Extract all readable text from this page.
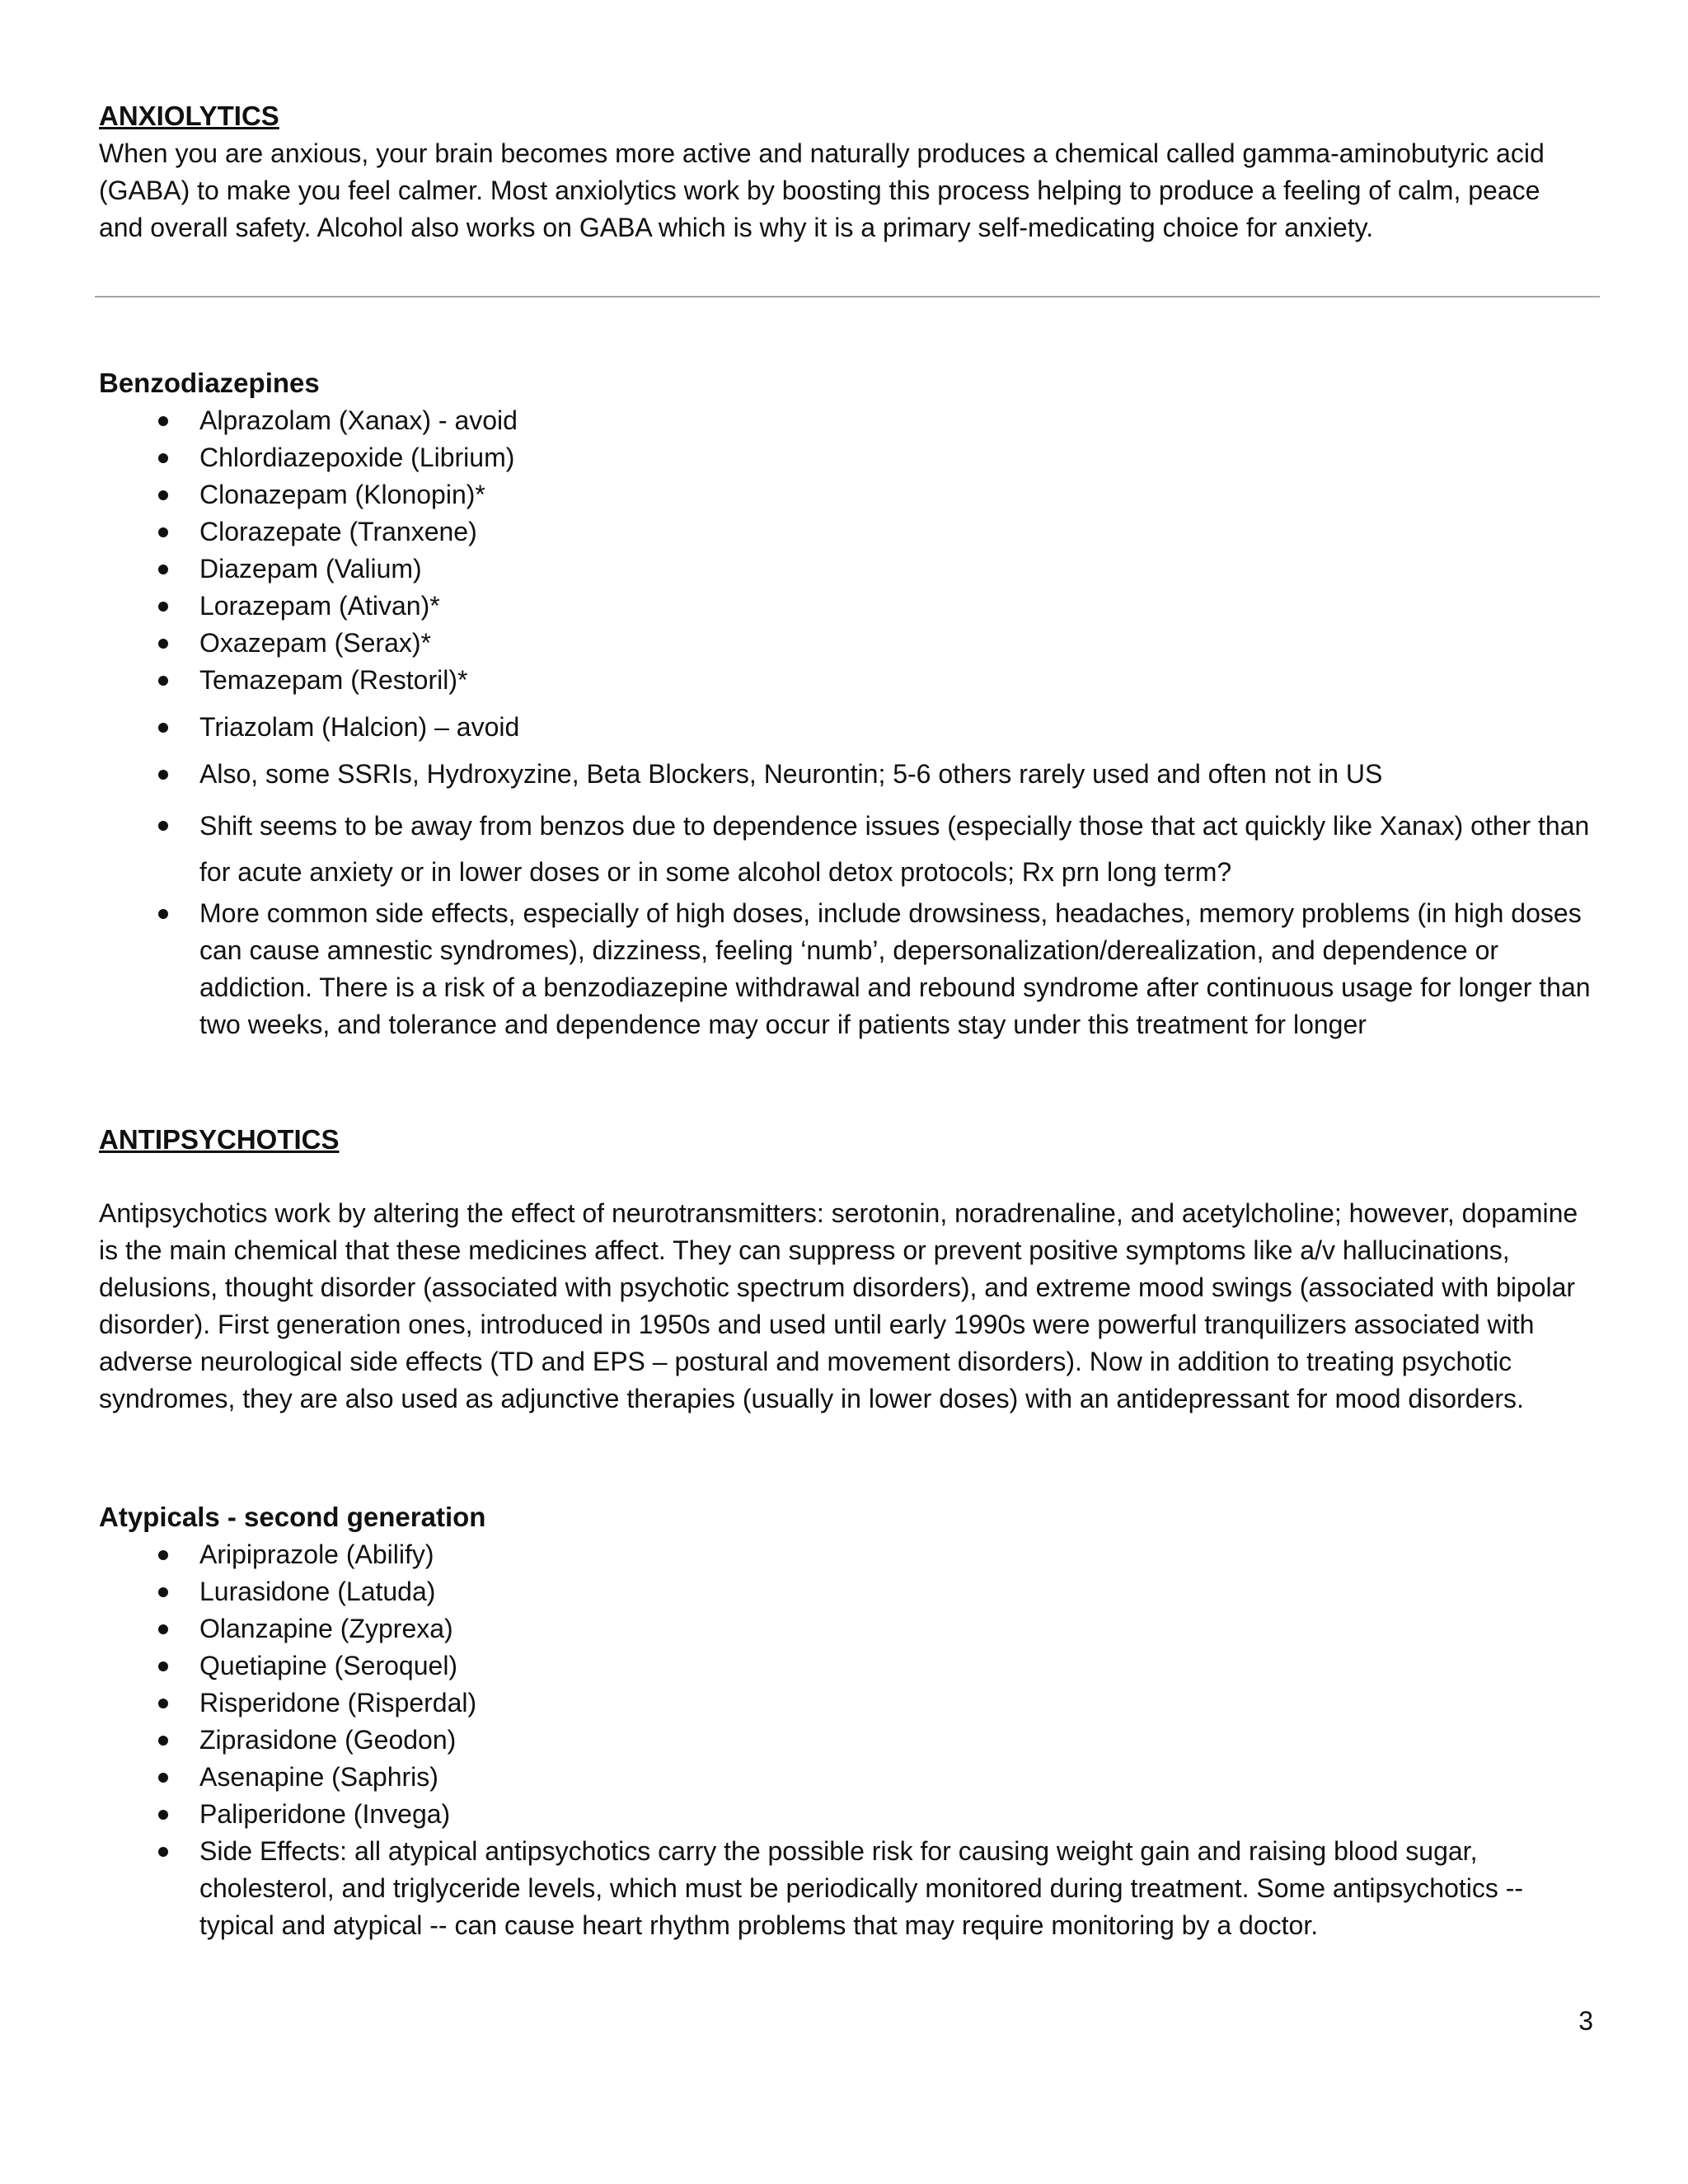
ANXIOLYTICS

When you are anxious, your brain becomes more active and naturally produces a chemical called gamma-aminobutyric acid (GABA) to make you feel calmer. Most anxiolytics work by boosting this process helping to produce a feeling of calm, peace and overall safety. Alcohol also works on GABA which is why it is a primary self-medicating choice for anxiety.

Benzodiazepines
Alprazolam (Xanax) - avoid
Chlordiazepoxide (Librium)
Clonazepam (Klonopin)*
Clorazepate (Tranxene)
Diazepam (Valium)
Lorazepam (Ativan)*
Oxazepam (Serax)*
Temazepam (Restoril)*
Triazolam (Halcion) – avoid
Also, some SSRIs, Hydroxyzine, Beta Blockers, Neurontin; 5-6 others rarely used and often not in US
Shift seems to be away from benzos due to dependence issues (especially those that act quickly like Xanax) other than for acute anxiety or in lower doses or in some alcohol detox protocols; Rx prn long term?
More common side effects, especially of high doses, include drowsiness, headaches, memory problems (in high doses can cause amnestic syndromes), dizziness, feeling ‘numb’, depersonalization/derealization, and dependence or addiction. There is a risk of a benzodiazepine withdrawal and rebound syndrome after continuous usage for longer than two weeks, and tolerance and dependence may occur if patients stay under this treatment for longer
ANTIPSYCHOTICS

Antipsychotics work by altering the effect of neurotransmitters: serotonin, noradrenaline, and acetylcholine; however, dopamine is the main chemical that these medicines affect. They can suppress or prevent positive symptoms like a/v hallucinations, delusions, thought disorder (associated with psychotic spectrum disorders), and extreme mood swings (associated with bipolar disorder). First generation ones, introduced in 1950s and used until early 1990s were powerful tranquilizers associated with adverse neurological side effects (TD and EPS – postural and movement disorders). Now in addition to treating psychotic syndromes, they are also used as adjunctive therapies (usually in lower doses) with an antidepressant for mood disorders.

Atypicals - second generation
Aripiprazole (Abilify)
Lurasidone (Latuda)
Olanzapine (Zyprexa)
Quetiapine (Seroquel)
Risperidone (Risperdal)
Ziprasidone (Geodon)
Asenapine (Saphris)
Paliperidone (Invega)
Side Effects: all atypical antipsychotics carry the possible risk for causing weight gain and raising blood sugar, cholesterol, and triglyceride levels, which must be periodically monitored during treatment. Some antipsychotics -- typical and atypical -- can cause heart rhythm problems that may require monitoring by a doctor.
3
